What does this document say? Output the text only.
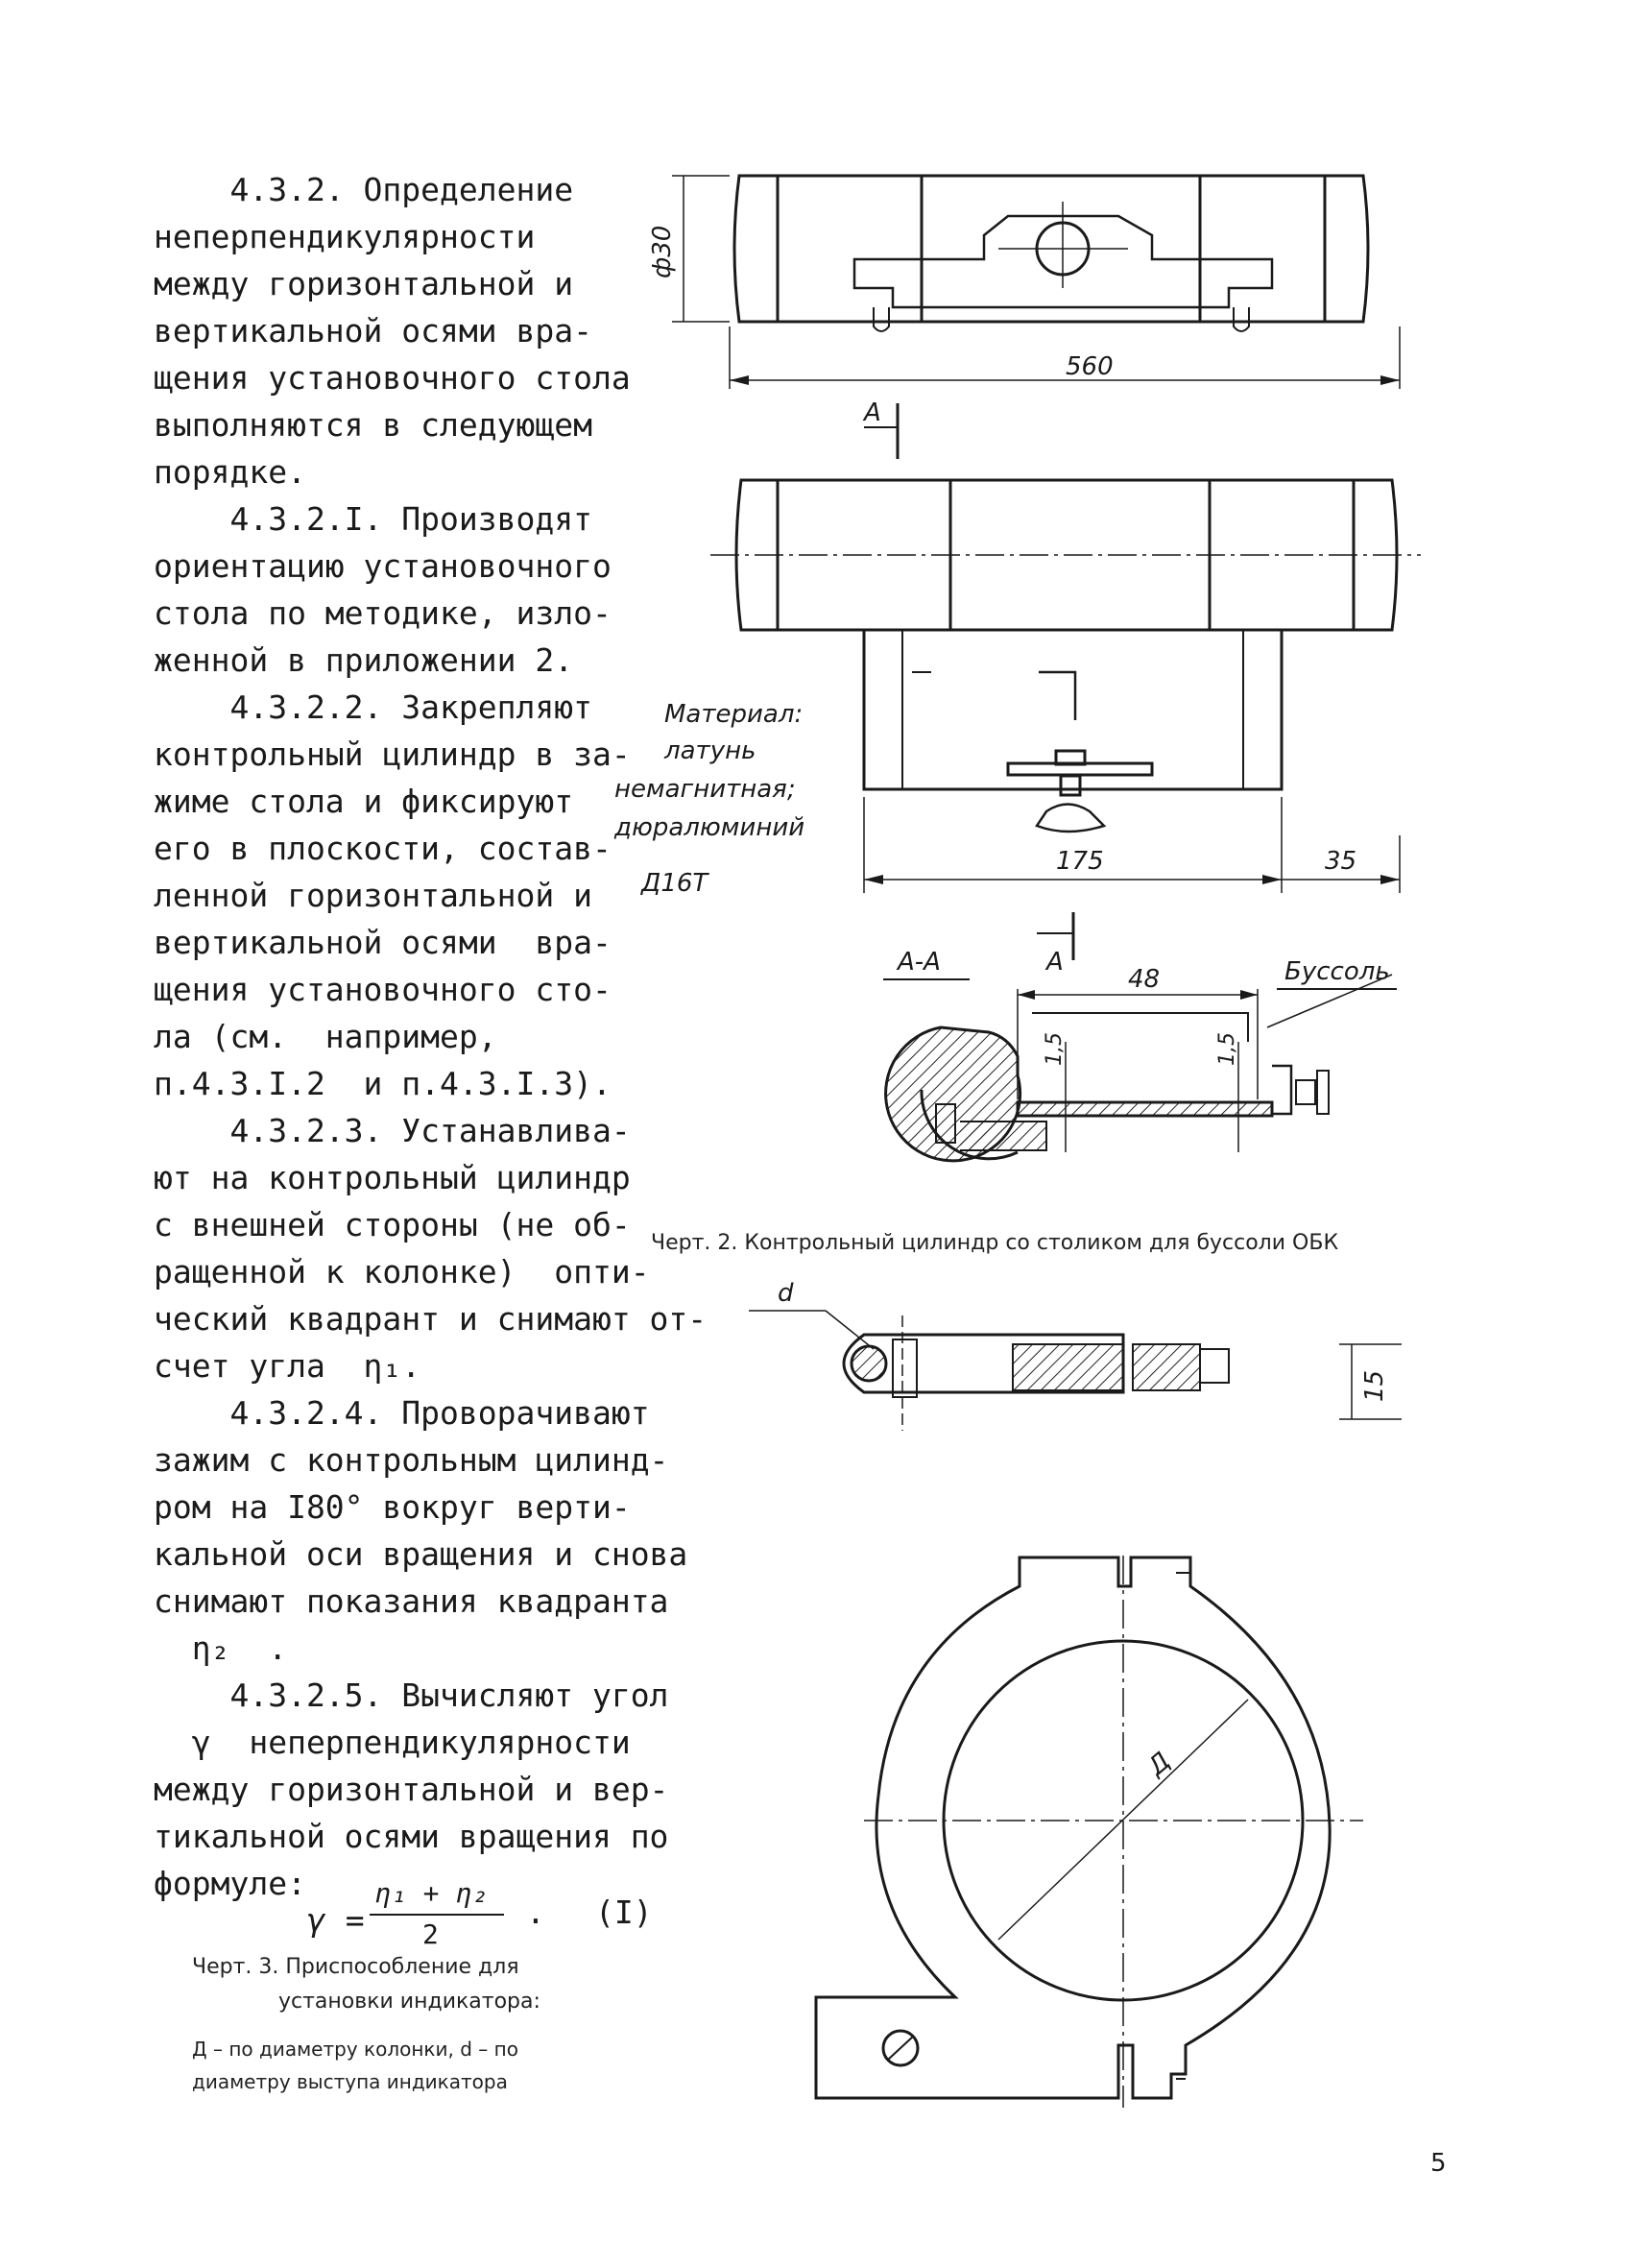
4.3.2. Определение
неперпендикулярности
между горизонтальной и
вертикальной осями вра-
щения установочного стола
выполняются в следующем
порядке.
4.3.2.I. Производят
ориентацию установочного
стола по методике, изло-
женной в приложении 2.
4.3.2.2. Закрепляют
контрольный цилиндр в за-
жиме стола и фиксируют
его в плоскости, состав-
ленной горизонтальной и
вертикальной осями  вра-
щения установочного сто-
ла (см.  например,
п.4.3.I.2  и п.4.3.I.3).
4.3.2.3. Устанавлива-
ют на контрольный цилиндр
с внешней стороны (не об-
ращенной к колонке)  опти-
ческий квадрант и снимают от-
счет угла  η₁.
4.3.2.4. Проворачивают
зажим с контрольным цилинд-
ром на I80° вокруг верти-
кальной оси вращения и снова
снимают показания квадранта
η₂  .
4.3.2.5. Вычисляют угол
γ  неперпендикулярности
между горизонтальной и вер-
тикальной осями вращения по
формуле:
γ =
η₁ + η₂
2
. (I)
Черт. 2. Контрольный цилиндр со столиком для буссоли ОБК
Черт. 3. Приспособление для
установки индикатора:
Д – по диаметру колонки, d – по
диаметру выступа индикатора
5
ф30
560
А
Материал:
латунь
немагнитная;
дюралюминий
Д16Т
175	35
А
А-А
48	Буссоль
1,5	1,5
d
15
Д
